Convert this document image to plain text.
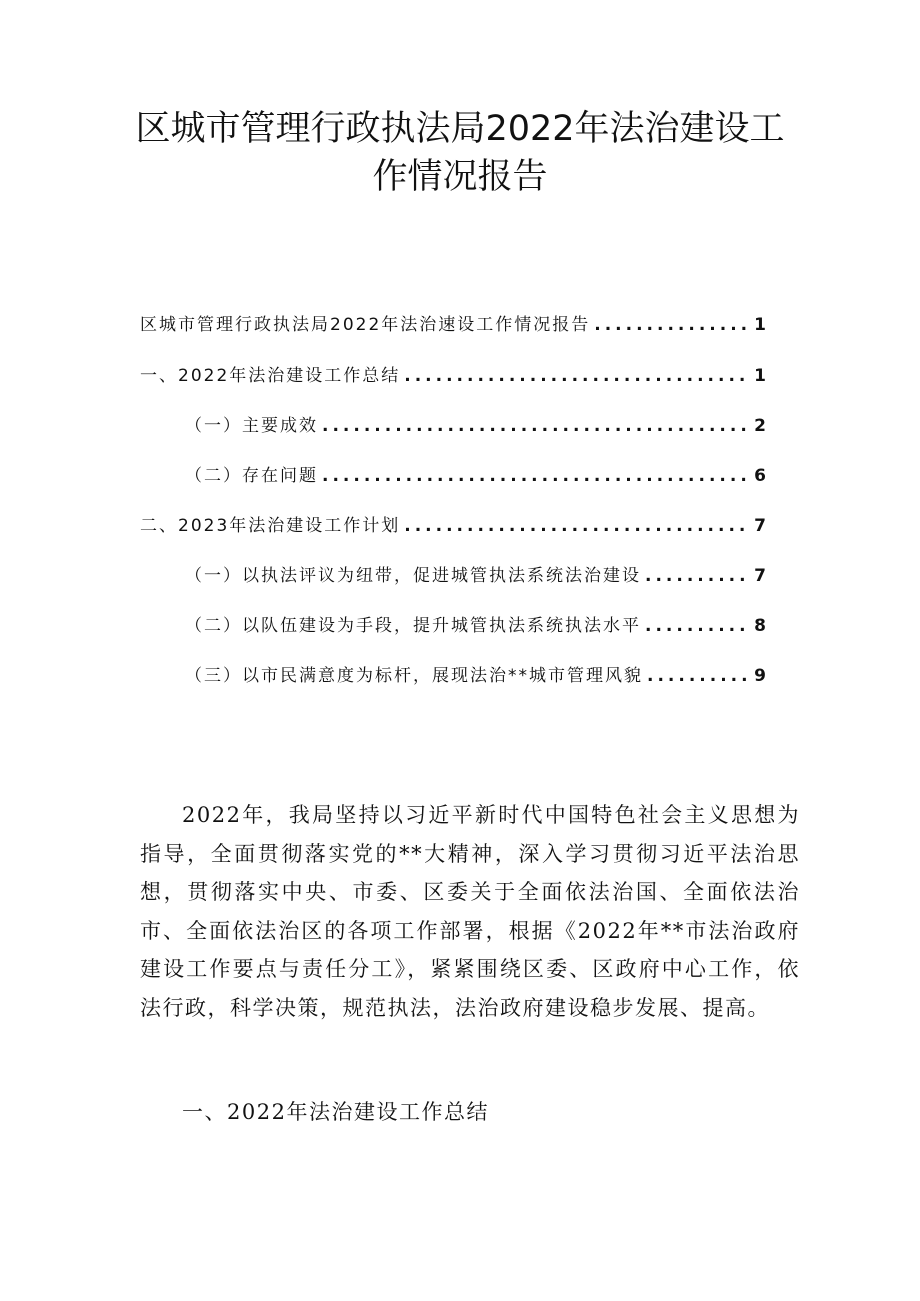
区城市管理行政执法局2022年法治建设工
作情况报告
区城市管理行政执法局2022年法治速设工作情况报告 .....	1
一、2022年法治建设工作总结 .....	1
（一）主要成效 .....	2
（二）存在问题 .....	6
二、2023年法治建设工作计划 .....	7
（一）以执法评议为纽带，促进城管执法系统法治建设 .....	7
（二）以队伍建设为手段，提升城管执法系统执法水平 .....	8
（三）以市民满意度为标杆，展现法治**城市管理风貌 .....	9

2022年，我局坚持以习近平新时代中国特色社会主义思想为指导，全面贯彻落实党的**大精神，深入学习贯彻习近平法治思想，贯彻落实中央、市委、区委关于全面依法治国、全面依法治市、全面依法治区的各项工作部署，根据《2022年**市法治政府建设工作要点与责任分工》，紧紧围绕区委、区政府中心工作，依法行政，科学决策，规范执法，法治政府建设稳步发展、提高。

一、2022年法治建设工作总结
